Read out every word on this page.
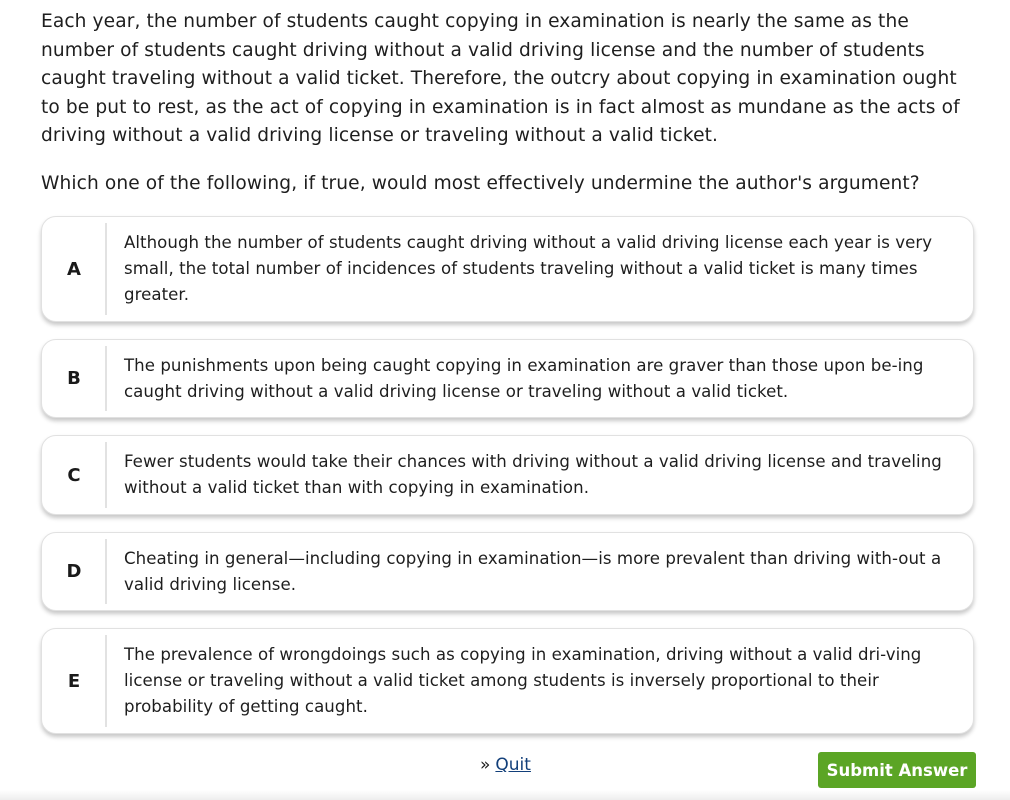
Each year, the number of students caught copying in examination is nearly the same as the number of students caught driving without a valid driving license and the number of students caught traveling without a valid ticket. Therefore, the outcry about copying in examination ought to be put to rest, as the act of copying in examination is in fact almost as mundane as the acts of driving without a valid driving license or traveling without a valid ticket.

Which one of the following, if true, would most effectively undermine the author's argument?

A
Although the number of students caught driving without a valid driving license each year is very small, the total number of incidences of students traveling without a valid ticket is many times greater.
B
The punishments upon being caught copying in examination are graver than those upon be-ing caught driving without a valid driving license or traveling without a valid ticket.
C
Fewer students would take their chances with driving without a valid driving license and traveling without a valid ticket than with copying in examination.
D
Cheating in general—including copying in examination—is more prevalent than driving with-out a valid driving license.
E
The prevalence of wrongdoings such as copying in examination, driving without a valid dri-ving license or traveling without a valid ticket among students is inversely proportional to their probability of getting caught.
» Quit	Submit Answer
